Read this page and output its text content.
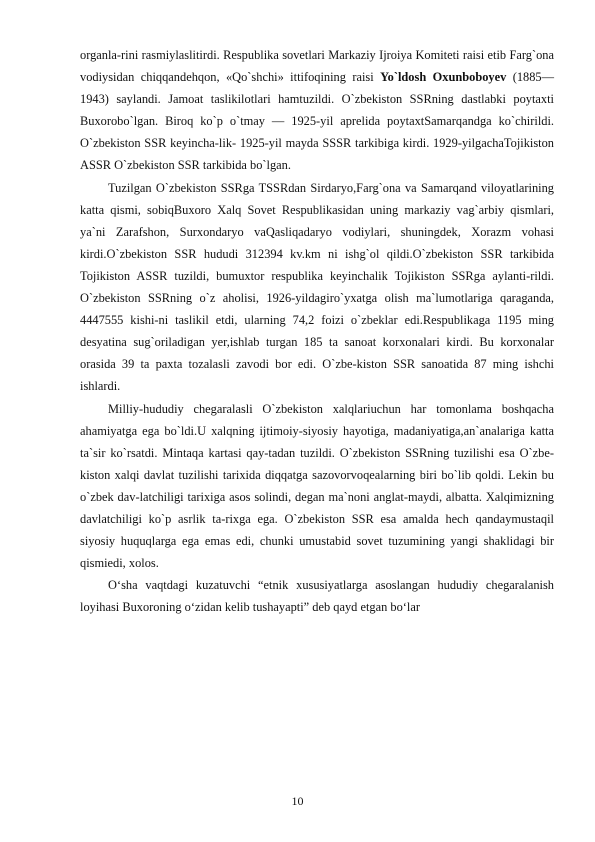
organla-rini rasmiylaslitirdi. Respublika sovetlari Markaziy Ijroiya Komiteti raisi etib Farg`ona vodiysidan chiqqandehqon, «Qo`shchi» ittifoqining raisi Yo`ldosh Oxunboboyev (1885—1943) saylandi. Jamoat taslikilotlari hamtuzildi. O`zbekiston SSRning dastlabki poytaxti Buxorobo`lgan. Biroq ko`p o`tmay — 1925-yil aprelida poytaxtSamarqandga ko`chirildi. O`zbekiston SSR keyincha-lik- 1925-yil mayda SSSR tarkibiga kirdi. 1929-yilgachaTojikiston ASSR O`zbekiston SSR tarkibida bo`lgan.

Tuzilgan O`zbekiston SSRga TSSRdan Sirdaryo,Farg`ona va Samarqand viloyatlarining katta qismi, sobiqBuxoro Xalq Sovet Respublikasidan uning markaziy vag`arbiy qismlari, ya`ni Zarafshon, Surxondaryo vaQasliqadaryo vodiylari, shuningdek, Xorazm vohasi kirdi.O`zbekiston SSR hududi 312394 kv.km ni ishg`ol qildi.O`zbekiston SSR tarkibida Tojikiston ASSR tuzildi, bumuxtor respublika keyinchalik Tojikiston SSRga aylanti-rildi. O`zbekiston SSRning o`z aholisi, 1926-yildagiro`yxatga olish ma`lumotlariga qaraganda, 4447555 kishi-ni taslikil etdi, ularning 74,2 foizi o`zbeklar edi.Respublikaga 1195 ming desyatina sug`oriladigan yer,ishlab turgan 185 ta sanoat korxonalari kirdi. Bu korxonalar orasida 39 ta paxta tozalasli zavodi bor edi. O`zbe-kiston SSR sanoatida 87 ming ishchi ishlardi.

Milliy-hududiy chegaralasli O`zbekiston xalqlariuchun har tomonlama boshqacha ahamiyatga ega bo`ldi.U xalqning ijtimoiy-siyosiy hayotiga, madaniyatiga,an`analariga katta ta`sir ko`rsatdi. Mintaqa kartasi qay-tadan tuzildi. O`zbekiston SSRning tuzilishi esa O`zbe-kiston xalqi davlat tuzilishi tarixida diqqatga sazovorvoqealarning biri bo`lib qoldi. Lekin bu o`zbek dav-latchiligi tarixiga asos solindi, degan ma`noni anglat-maydi, albatta. Xalqimizning davlatchiligi ko`p asrlik ta-rixga ega. O`zbekiston SSR esa amalda hech qandaymustaqil siyosiy huquqlarga ega emas edi, chunki umustabid sovet tuzumining yangi shaklidagi bir qismiedi, xolos.

O‘sha vaqtdagi kuzatuvchi “etnik xususiyatlarga asoslangan hududiy chegaralanish loyihasi Buxoroning o‘zidan kelib tushayapti” deb qayd etgan bo‘lar

10
